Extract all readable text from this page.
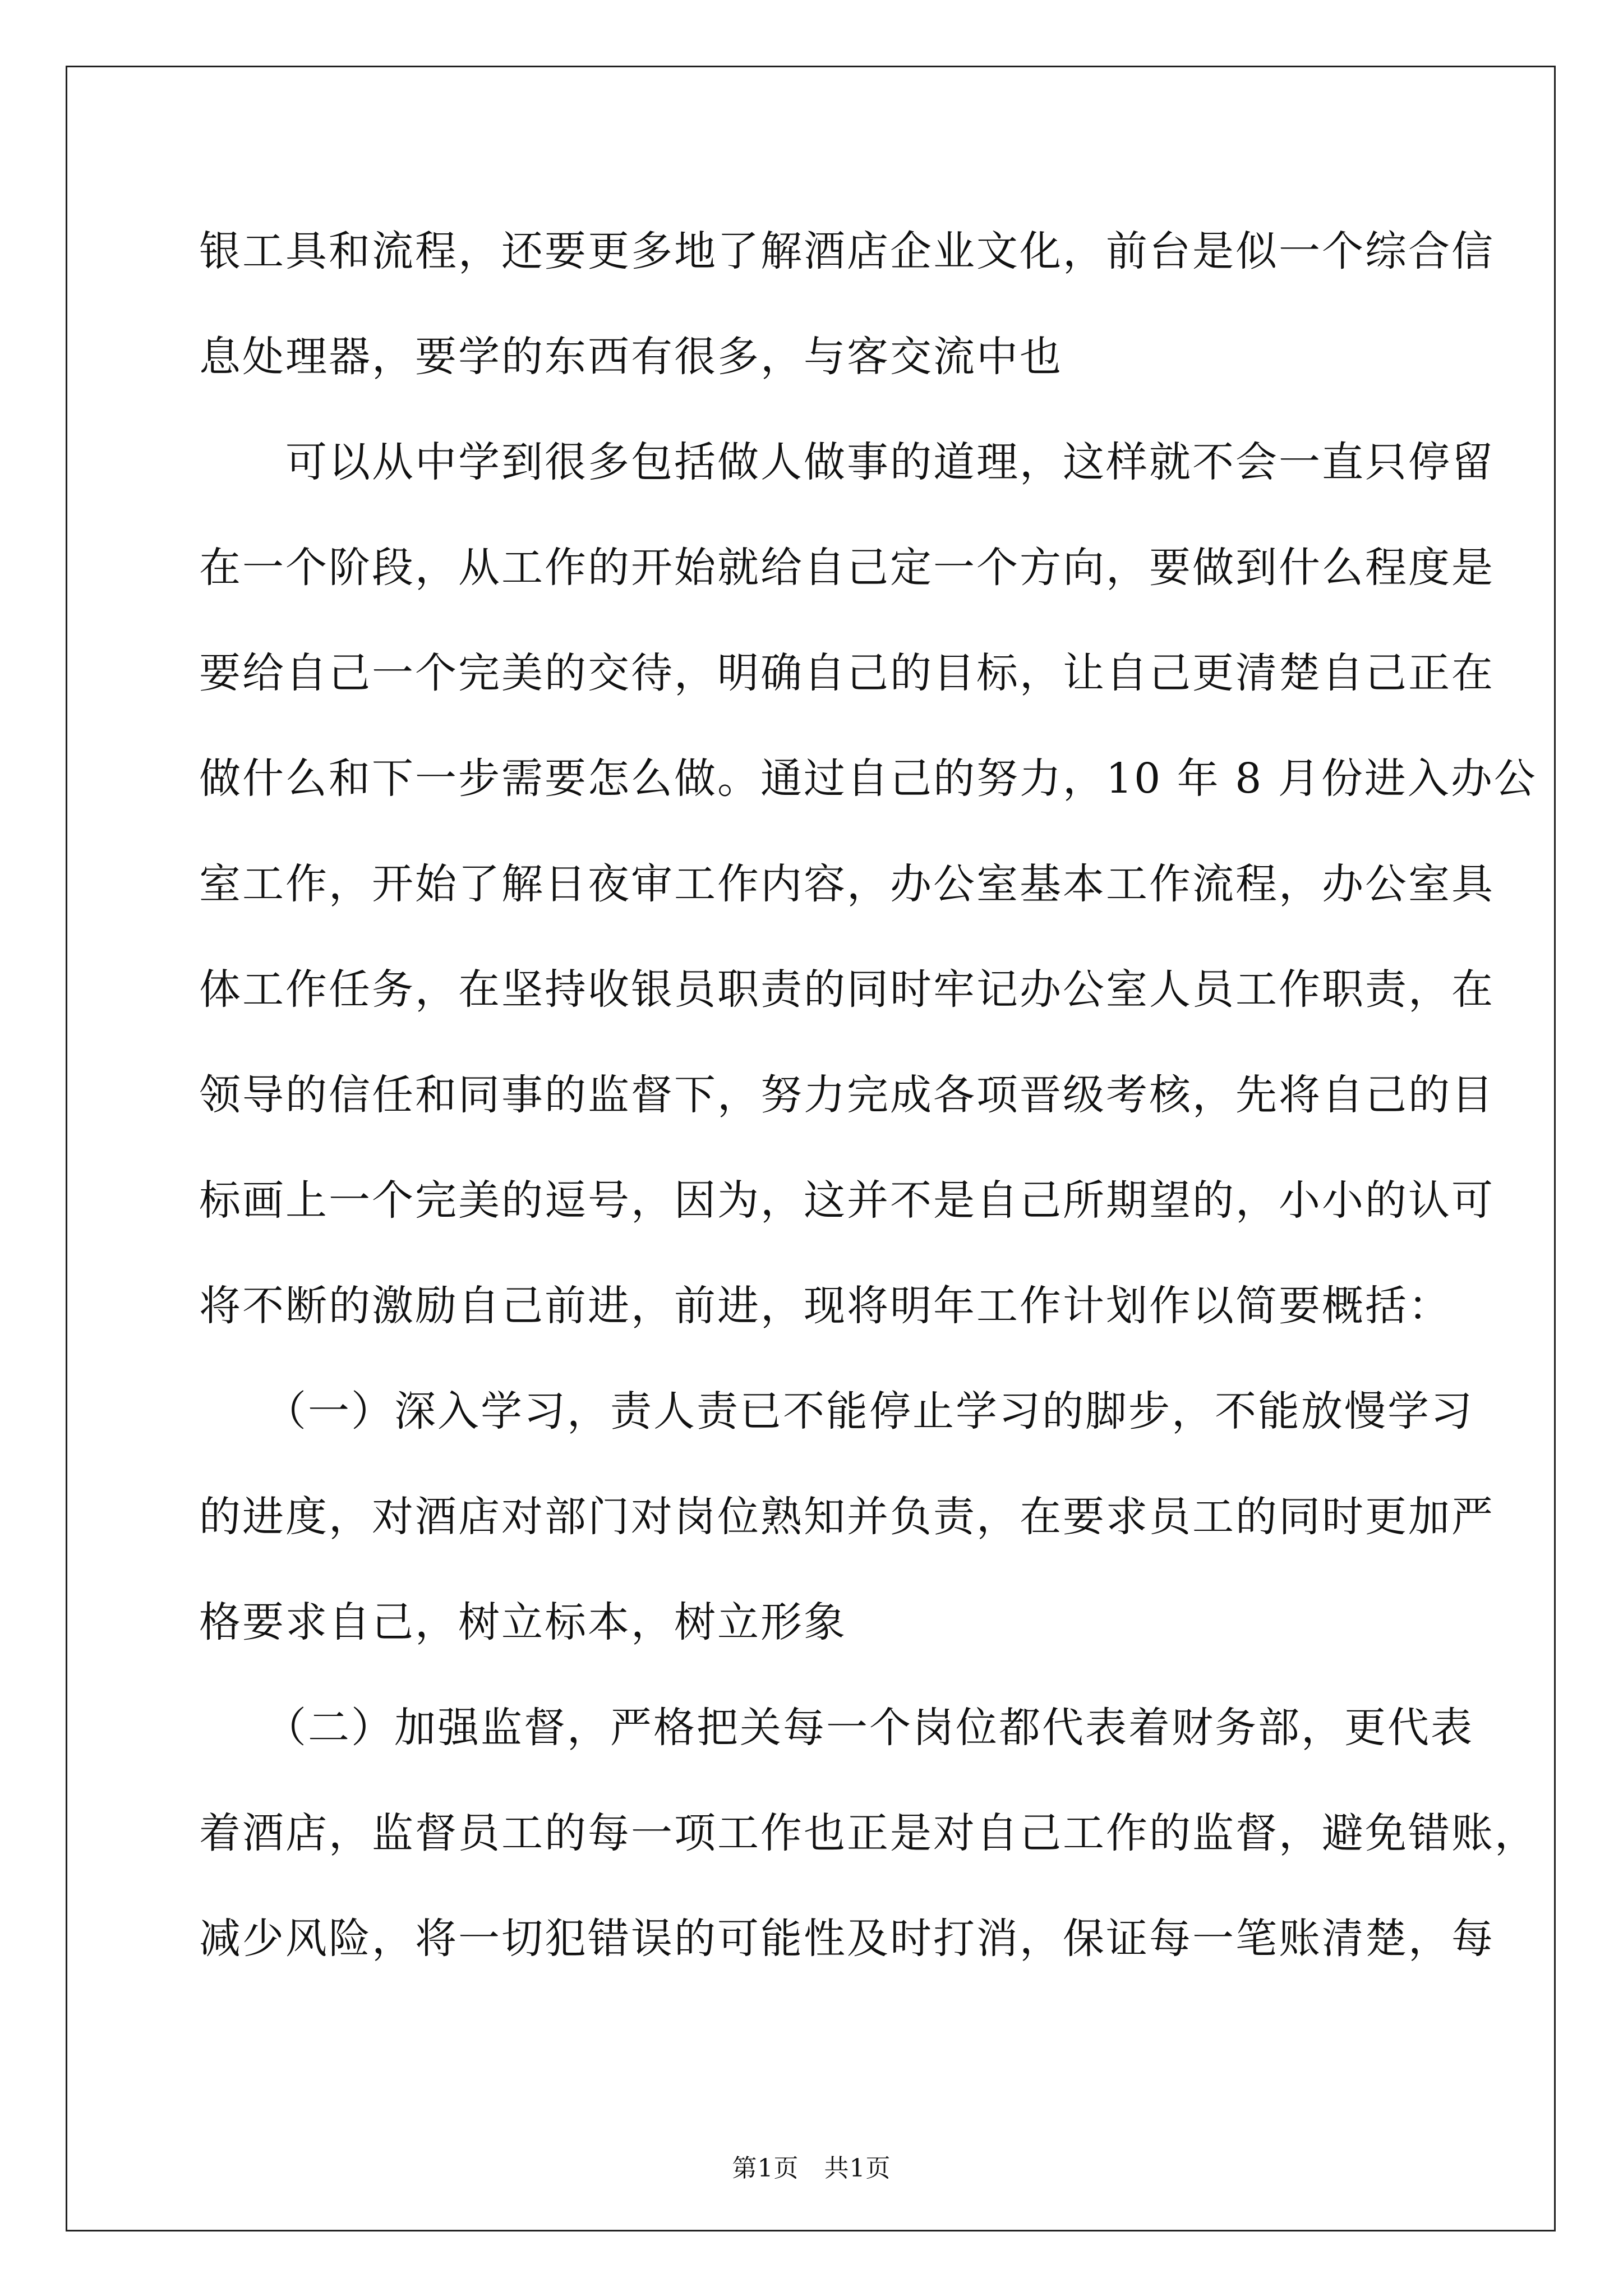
银工具和流程，还要更多地了解酒店企业文化，前台是似一个综合信
息处理器，要学的东西有很多，与客交流中也
　　可以从中学到很多包括做人做事的道理，这样就不会一直只停留
在一个阶段，从工作的开始就给自己定一个方向，要做到什么程度是
要给自己一个完美的交待，明确自己的目标，让自己更清楚自己正在
做什么和下一步需要怎么做。通过自己的努力，10 年 8 月份进入办公
室工作，开始了解日夜审工作内容，办公室基本工作流程，办公室具
体工作任务，在坚持收银员职责的同时牢记办公室人员工作职责，在
领导的信任和同事的监督下，努力完成各项晋级考核，先将自己的目
标画上一个完美的逗号，因为，这并不是自己所期望的，小小的认可
将不断的激励自己前进，前进，现将明年工作计划作以简要概括：
　　（一）深入学习，责人责已不能停止学习的脚步，不能放慢学习
的进度，对酒店对部门对岗位熟知并负责，在要求员工的同时更加严
格要求自己，树立标本，树立形象
　　（二）加强监督，严格把关每一个岗位都代表着财务部，更代表
着酒店，监督员工的每一项工作也正是对自己工作的监督，避免错账，
减少风险，将一切犯错误的可能性及时打消，保证每一笔账清楚，每
第1页　共1页
